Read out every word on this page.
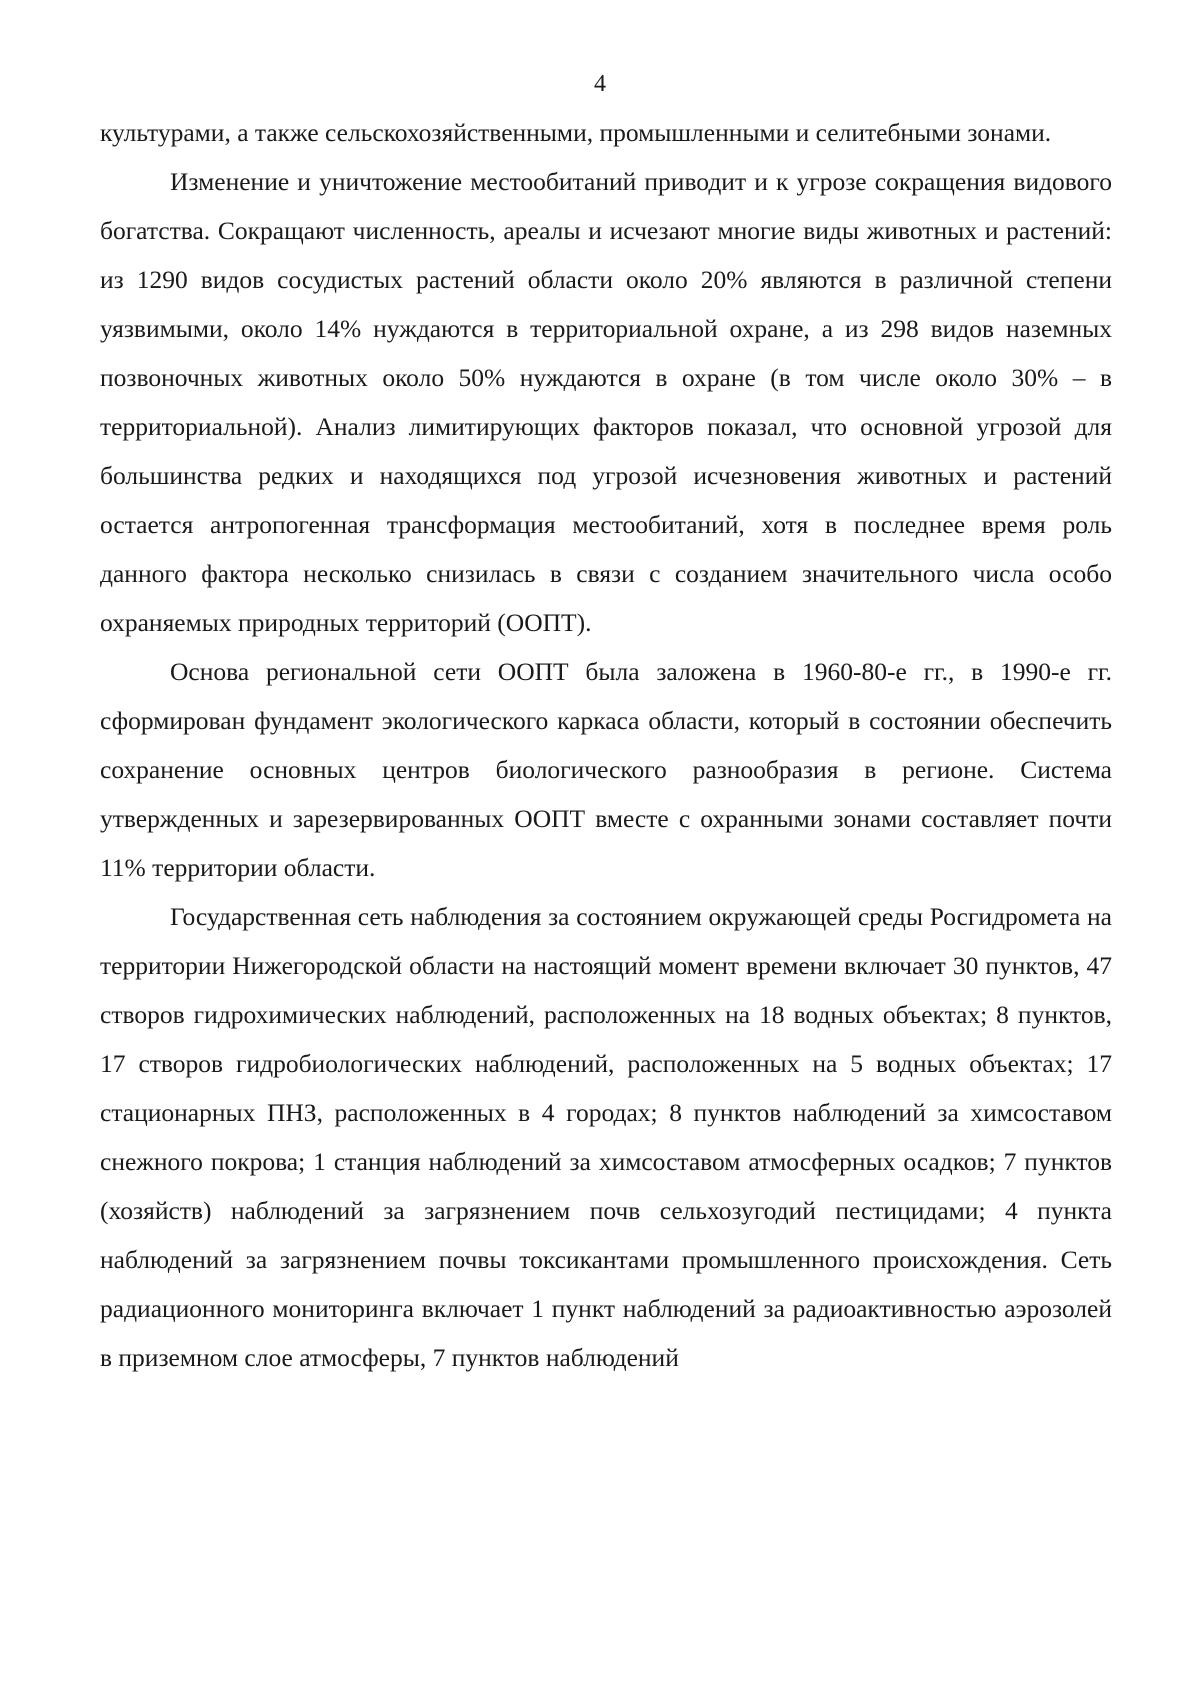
4

культурами, а также сельскохозяйственными, промышленными и селитебными зонами.

Изменение и уничтожение местообитаний приводит и к угрозе сокращения видового богатства. Сокращают численность, ареалы и исчезают многие виды животных и растений: из 1290 видов сосудистых растений области около 20% являются в различной степени уязвимыми, около 14% нуждаются в территориальной охране, а из 298 видов наземных позвоночных животных около 50% нуждаются в охране (в том числе около 30% – в территориальной). Анализ лимитирующих факторов показал, что основной угрозой для большинства редких и находящихся под угрозой исчезновения животных и растений остается антропогенная трансформация местообитаний, хотя в последнее время роль данного фактора несколько снизилась в связи с созданием значительного числа особо охраняемых природных территорий (ООПТ).

Основа региональной сети ООПТ была заложена в 1960-80-е гг., в 1990-е гг. сформирован фундамент экологического каркаса области, который в состоянии обеспечить сохранение основных центров биологического разнообразия в регионе. Система утвержденных и зарезервированных ООПТ вместе с охранными зонами составляет почти 11% территории области.

Государственная сеть наблюдения за состоянием окружающей среды Росгидромета на территории Нижегородской области на настоящий момент времени включает 30 пунктов, 47 створов гидрохимических наблюдений, расположенных на 18 водных объектах; 8 пунктов, 17 створов гидробиологических наблюдений, расположенных на 5 водных объектах; 17 стационарных ПНЗ, расположенных в 4 городах; 8 пунктов наблюдений за химсоставом снежного покрова; 1 станция наблюдений за химсоставом атмосферных осадков; 7 пунктов (хозяйств) наблюдений за загрязнением почв сельхозугодий пестицидами; 4 пункта наблюдений за загрязнением почвы токсикантами промышленного происхождения. Сеть радиационного мониторинга включает 1 пункт наблюдений за радиоактивностью аэрозолей в приземном слое атмосферы, 7 пунктов наблюдений
